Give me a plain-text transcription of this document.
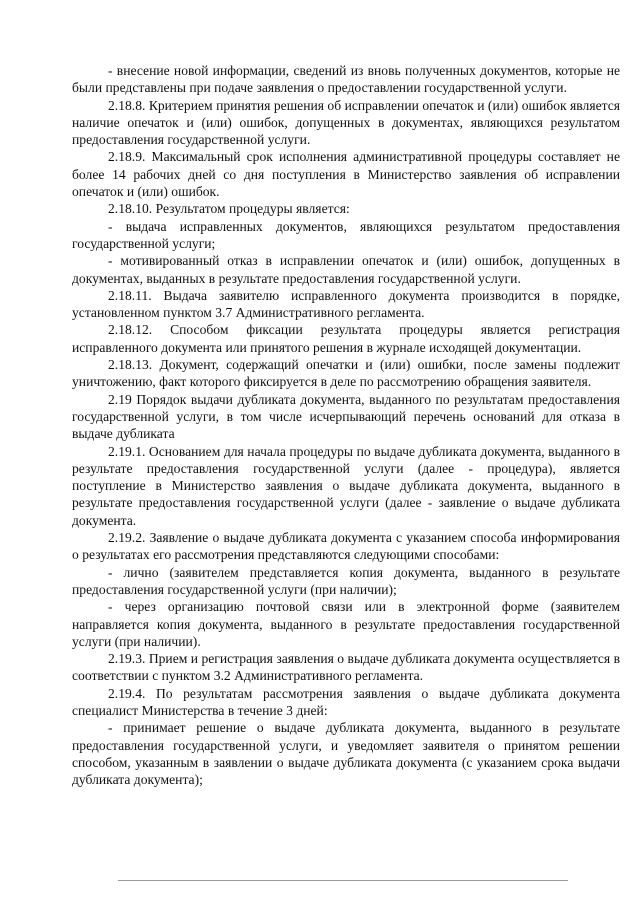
- внесение новой информации, сведений из вновь полученных документов, которые не были представлены при подаче заявления о предоставлении государственной услуги.

2.18.8. Критерием принятия решения об исправлении опечаток и (или) ошибок является наличие опечаток и (или) ошибок, допущенных в документах, являющихся результатом предоставления государственной услуги.

2.18.9. Максимальный срок исполнения административной процедуры составляет не более 14 рабочих дней со дня поступления в Министерство заявления об исправлении опечаток и (или) ошибок.

2.18.10. Результатом процедуры является:

- выдача исправленных документов, являющихся результатом предоставления государственной услуги;

- мотивированный отказ в исправлении опечаток и (или) ошибок, допущенных в документах, выданных в результате предоставления государственной услуги.

2.18.11. Выдача заявителю исправленного документа производится в порядке, установленном пунктом 3.7 Административного регламента.

2.18.12. Способом фиксации результата процедуры является регистрация исправленного документа или принятого решения в журнале исходящей документации.

2.18.13. Документ, содержащий опечатки и (или) ошибки, после замены подлежит уничтожению, факт которого фиксируется в деле по рассмотрению обращения заявителя.

2.19 Порядок выдачи дубликата документа, выданного по результатам предоставления государственной услуги, в том числе исчерпывающий перечень оснований для отказа в выдаче дубликата

2.19.1. Основанием для начала процедуры по выдаче дубликата документа, выданного в результате предоставления государственной услуги (далее - процедура), является поступление в Министерство заявления о выдаче дубликата документа, выданного в результате предоставления государственной услуги (далее - заявление о выдаче дубликата документа.

2.19.2. Заявление о выдаче дубликата документа с указанием способа информирования о результатах его рассмотрения представляются следующими способами:

- лично (заявителем представляется копия документа, выданного в результате предоставления государственной услуги (при наличии);

- через организацию почтовой связи или в электронной форме (заявителем направляется копия документа, выданного в результате предоставления государственной услуги (при наличии).

2.19.3. Прием и регистрация заявления о выдаче дубликата документа осуществляется в соответствии с пунктом 3.2 Административного регламента.

2.19.4. По результатам рассмотрения заявления о выдаче дубликата документа специалист Министерства в течение 3 дней:

- принимает решение о выдаче дубликата документа, выданного в результате предоставления государственной услуги, и уведомляет заявителя о принятом решении способом, указанным в заявлении о выдаче дубликата документа (с указанием срока выдачи дубликата документа);
